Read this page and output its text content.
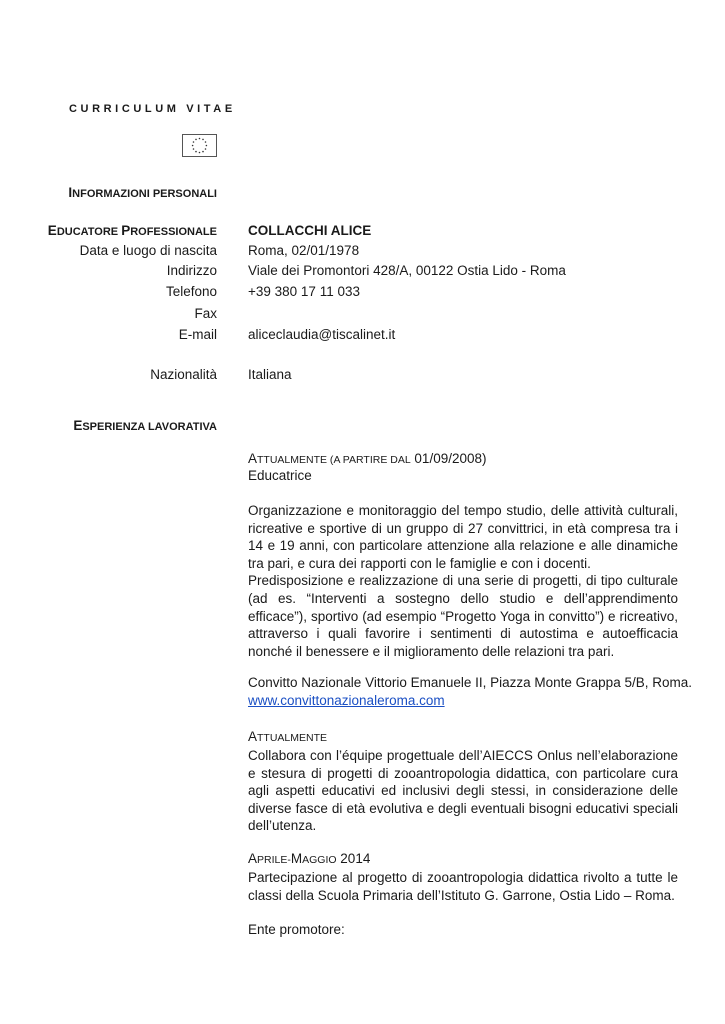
CURRICULUM VITAE
INFORMAZIONI PERSONALI
EDUCATORE PROFESSIONALE COLLACCHI ALICE
Data e luogo di nascita Roma, 02/01/1978
Indirizzo Viale dei Promontori 428/A, 00122 Ostia Lido - Roma
Telefono +39 380 17 11 033
Fax
E-mail aliceclaudia@tiscalinet.it
Nazionalità Italiana
ESPERIENZA LAVORATIVA
ATTUALMENTE (A PARTIRE DAL 01/09/2008)
Educatrice

Organizzazione e monitoraggio del tempo studio, delle attività culturali, ricreative e sportive di un gruppo di 27 convittrici, in età compresa tra i 14 e 19 anni, con particolare attenzione alla relazione e alle dinamiche tra pari, e cura dei rapporti con le famiglie e con i docenti.

Predisposizione e realizzazione di una serie di progetti, di tipo culturale (ad es. “Interventi a sostegno dello studio e dell’apprendimento efficace”), sportivo (ad esempio “Progetto Yoga in convitto”) e ricreativo, attraverso i quali favorire i sentimenti di autostima e autoefficacia nonché il benessere e il miglioramento delle relazioni tra pari.

Convitto Nazionale Vittorio Emanuele II, Piazza Monte Grappa 5/B, Roma.
www.convittonazionaleroma.com
ATTUALMENTE

Collabora con l’équipe progettuale dell’AIECCS Onlus nell’elaborazione e stesura di progetti di zooantropologia didattica, con particolare cura agli aspetti educativi ed inclusivi degli stessi, in considerazione delle diverse fasce di età evolutiva e degli eventuali bisogni educativi speciali dell’utenza.

APRILE-MAGGIO 2014

Partecipazione al progetto di zooantropologia didattica rivolto a tutte le classi della Scuola Primaria dell’Istituto G. Garrone, Ostia Lido – Roma.

Ente promotore:
